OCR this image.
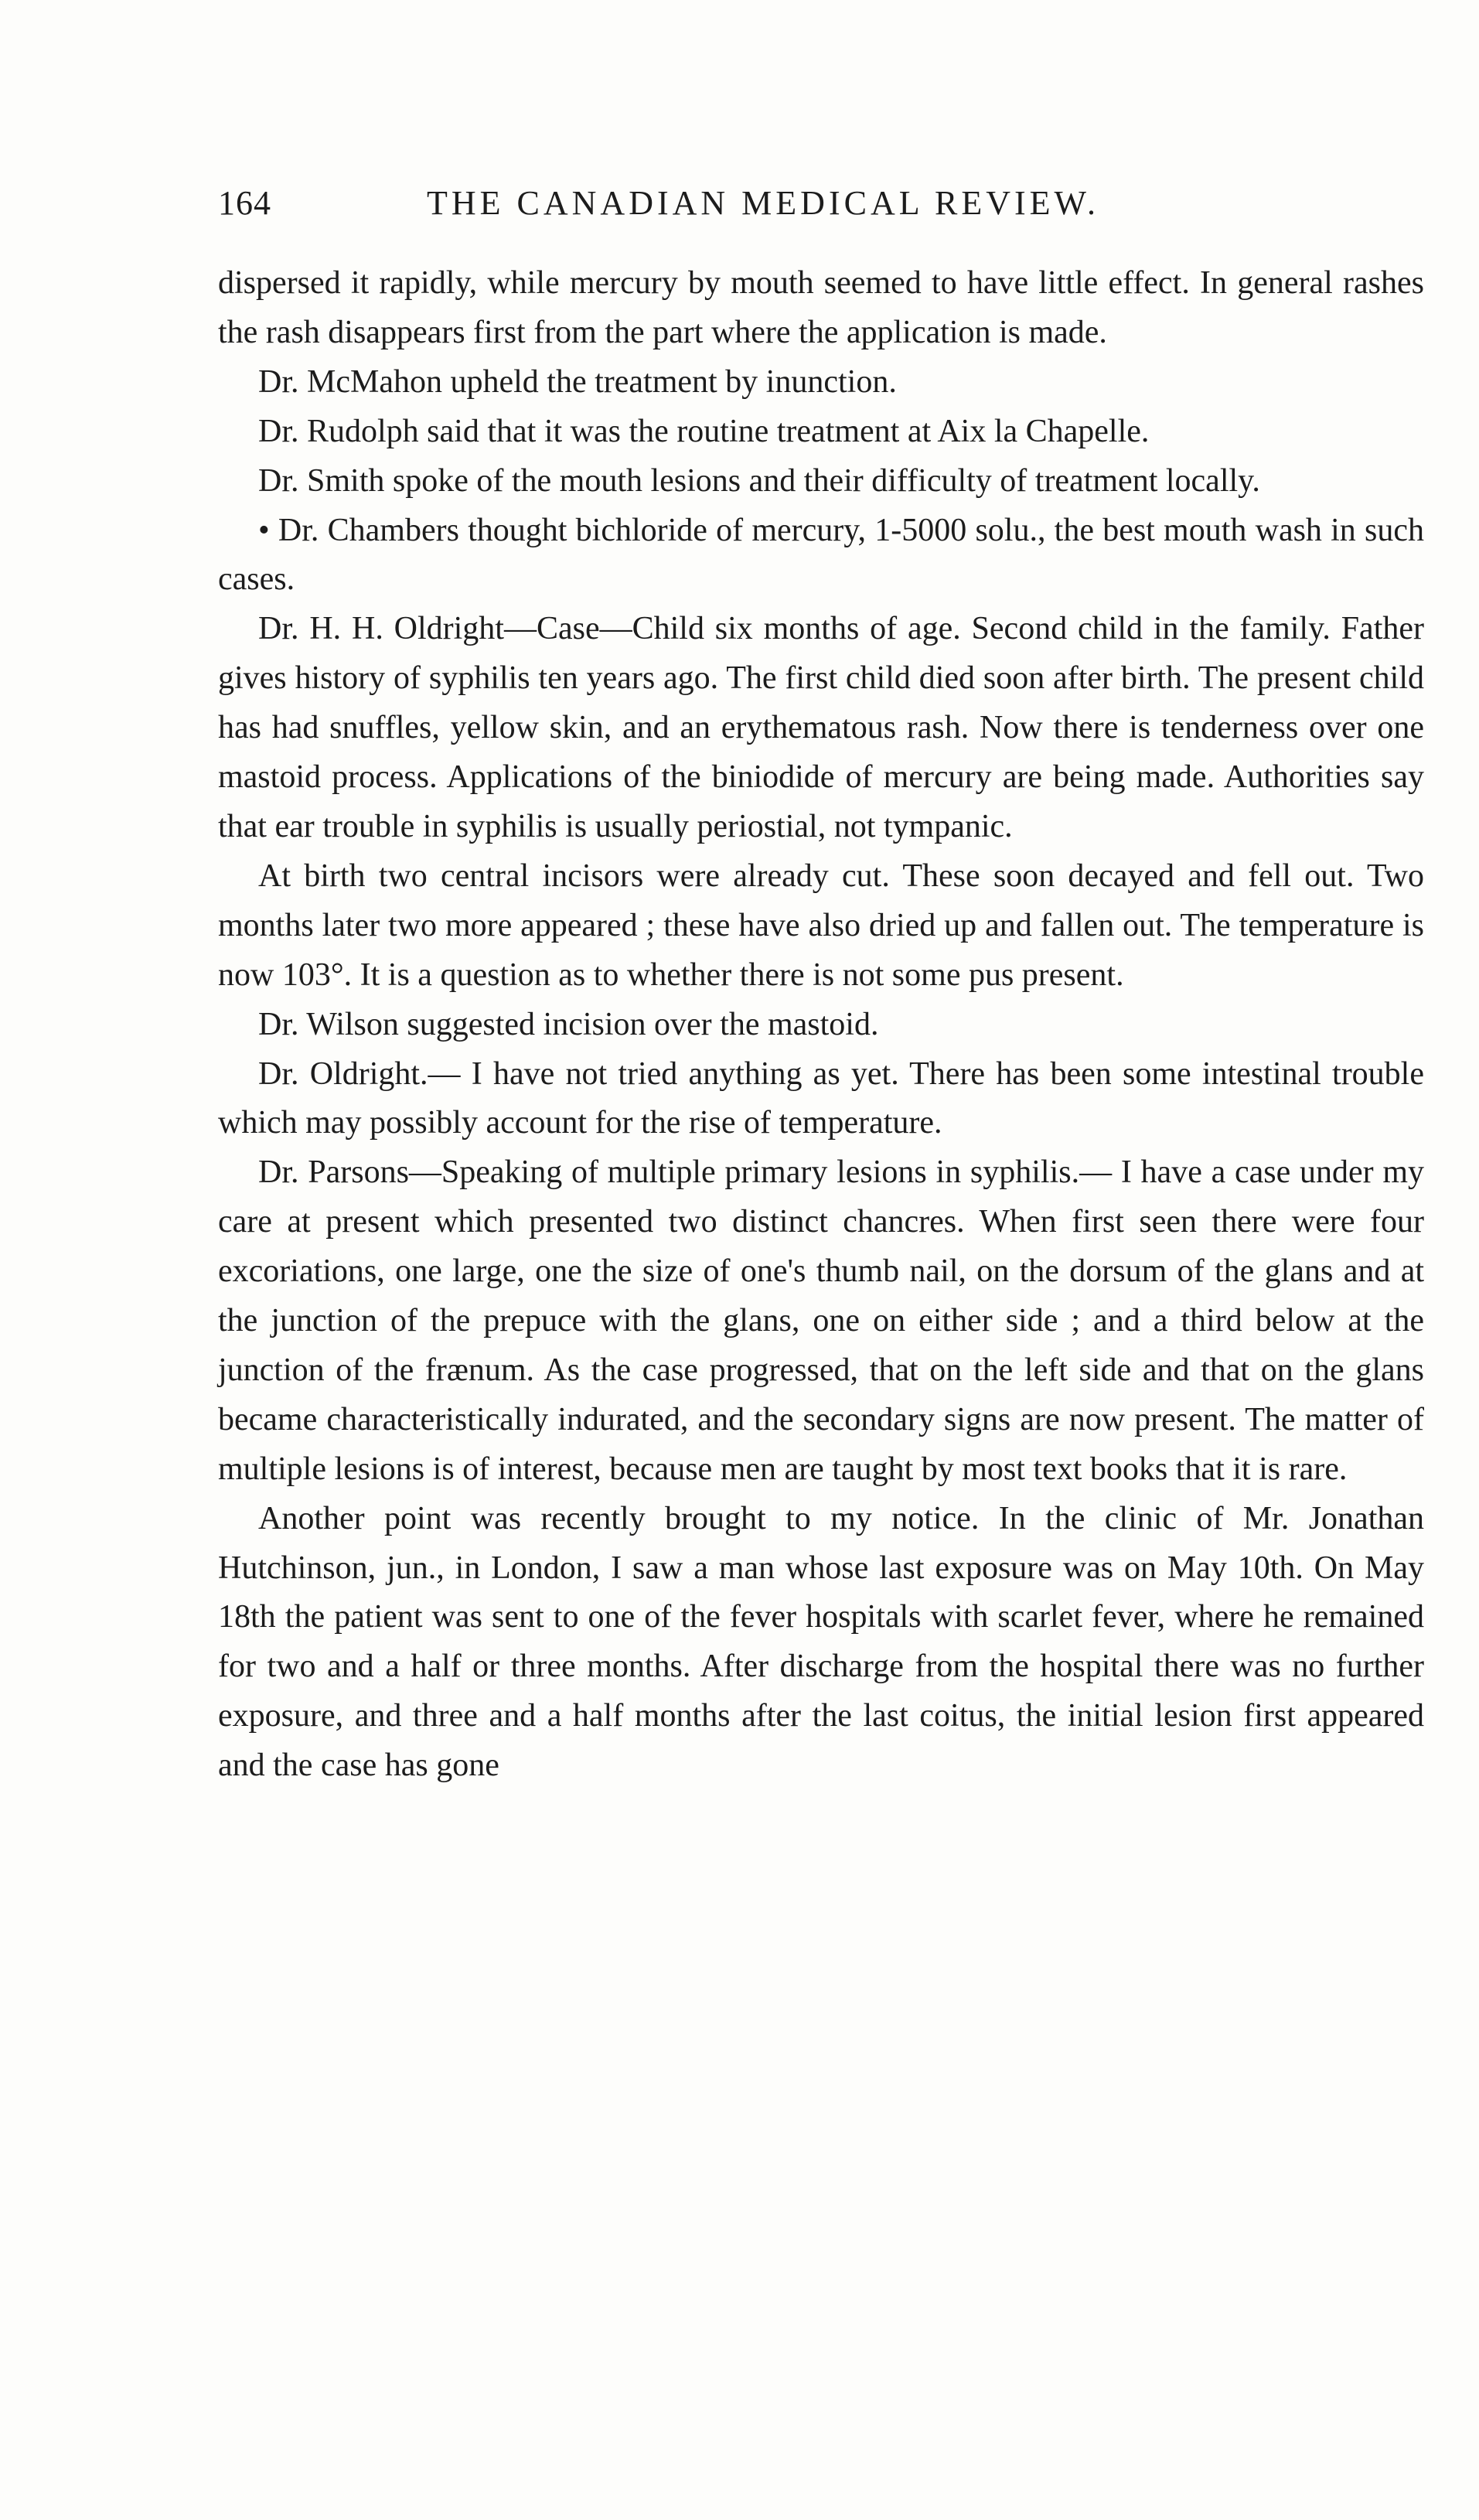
164	THE CANADIAN MEDICAL REVIEW.

dispersed it rapidly, while mercury by mouth seemed to have little effect. In general rashes the rash disappears first from the part where the application is made.

Dr. McMahon upheld the treatment by inunction.

Dr. Rudolph said that it was the routine treatment at Aix la Chapelle.

Dr. Smith spoke of the mouth lesions and their difficulty of treatment locally.

• Dr. Chambers thought bichloride of mercury, 1-5000 solu., the best mouth wash in such cases.

Dr. H. H. Oldright—Case—Child six months of age. Second child in the family. Father gives history of syphilis ten years ago. The first child died soon after birth. The present child has had snuffles, yellow skin, and an erythematous rash. Now there is tenderness over one mastoid process. Applications of the biniodide of mercury are being made. Authorities say that ear trouble in syphilis is usually periostial, not tympanic.

At birth two central incisors were already cut. These soon decayed and fell out. Two months later two more appeared ; these have also dried up and fallen out. The temperature is now 103°. It is a question as to whether there is not some pus present.

Dr. Wilson suggested incision over the mastoid.

Dr. Oldright.— I have not tried anything as yet. There has been some intestinal trouble which may possibly account for the rise of temperature.

Dr. Parsons—Speaking of multiple primary lesions in syphilis.— I have a case under my care at present which presented two distinct chancres. When first seen there were four excoriations, one large, one the size of one's thumb nail, on the dorsum of the glans and at the junction of the prepuce with the glans, one on either side ; and a third below at the junction of the frænum. As the case progressed, that on the left side and that on the glans became characteristically indurated, and the secondary signs are now present. The matter of multiple lesions is of interest, because men are taught by most text books that it is rare.

Another point was recently brought to my notice. In the clinic of Mr. Jonathan Hutchinson, jun., in London, I saw a man whose last exposure was on May 10th. On May 18th the patient was sent to one of the fever hospitals with scarlet fever, where he remained for two and a half or three months. After discharge from the hospital there was no further exposure, and three and a half months after the last coitus, the initial lesion first appeared and the case has gone
